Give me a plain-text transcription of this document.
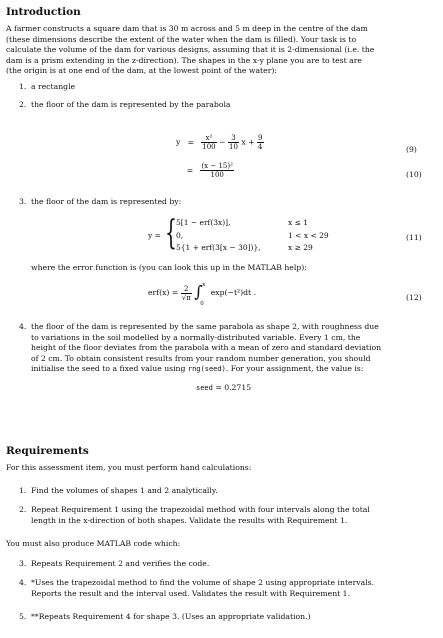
Introduction
A farmer constructs a square dam that is 30 m across and 5 m deep in the centre of the dam
(these dimensions describe the extent of the water when the dam is filled). Your task is to
calculate the volume of the dam for various designs, assuming that it is 2-dimensional (i.e. the
dam is a prism extending in the z-direction). The shapes in the x-y plane you are to test are
(the origin is at one end of the dam, at the lowest point of the water):
1. a rectangle
2. the floor of the dam is represented by the parabola
$y = \frac{\text{x²}}{100} - \frac{3}{10}$ $x + \frac{9}{4}$	(9)
= $\frac{\text{(x − 15)²}}{100}$	(10)
3. the floor of the dam is represented by:
y = { 5[1 − erf(3x)],	x ≤ 1
0,	1 < x < 29
5{1 + erf(3[x − 30])},	x ≥ 29
(11)
where the error function is (you can look this up in the MATLAB help):
$erf(x) = \frac{2}{√\pi}$
∫ x
0
exp(−t²)dt .
(12)
4. the floor of the dam is represented by the same parabola as shape 2, with roughness due
to variations in the soil modelled by a normally-distributed variable. Every 1 cm, the
height of the floor deviates from the parabola with a mean of zero and standard deviation
of 2 cm. To obtain consistent results from your random number generation, you should
initialise the seed to a fixed value using rng(seed). For your assignment, the value is:
seed = 0.2715
Requirements
For this assessment item, you must perform hand calculations:
1. Find the volumes of shapes 1 and 2 analytically.
2. Repeat Requirement 1 using the trapezoidal method with four intervals along the total
length in the x-direction of both shapes. Validate the results with Requirement 1.
You must also produce MATLAB code which:
3. Repeats Requirement 2 and verifies the code.
4. *Uses the trapezoidal method to find the volume of shape 2 using appropriate intervals.
Reports the result and the interval used. Validates the result with Requirement 1.
5. **Repeats Requirement 4 for shape 3. (Uses an appropriate validation.)
